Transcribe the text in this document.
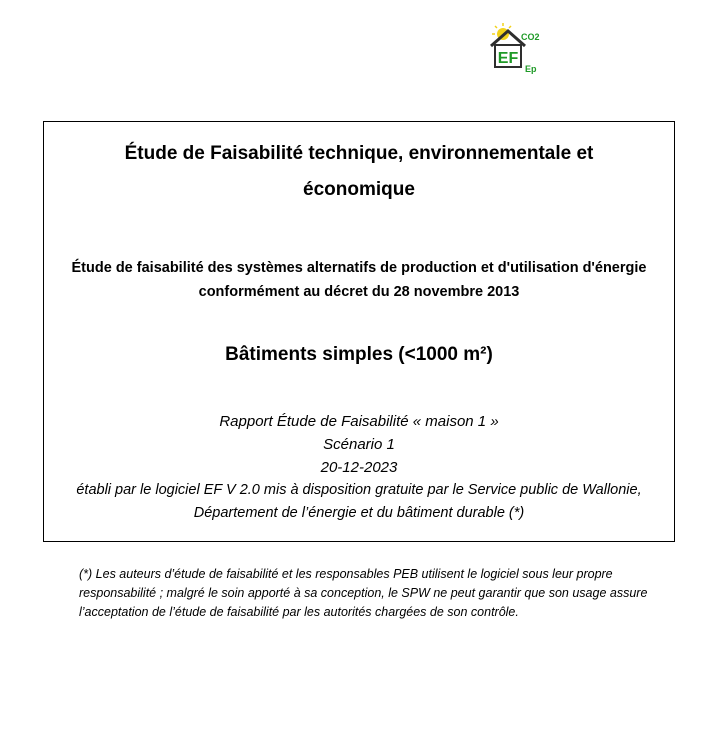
EF
CO2
Ep
Étude de Faisabilité technique, environnementale et
économique
Étude de faisabilité des systèmes alternatifs de production et d'utilisation d'énergie
conformément au décret du 28 novembre 2013
Bâtiments simples (<1000 m²)
Rapport Étude de Faisabilité « maison 1 »
Scénario 1
20-12-2023
établi par le logiciel EF V 2.0 mis à disposition gratuite par le Service public de Wallonie,
Département de l’énergie et du bâtiment durable (*)

(*) Les auteurs d’étude de faisabilité et les responsables PEB utilisent le logiciel sous leur propre
responsabilité ; malgré le soin apporté à sa conception, le SPW ne peut garantir que son usage assure
l’acceptation de l’étude de faisabilité par les autorités chargées de son contrôle.
